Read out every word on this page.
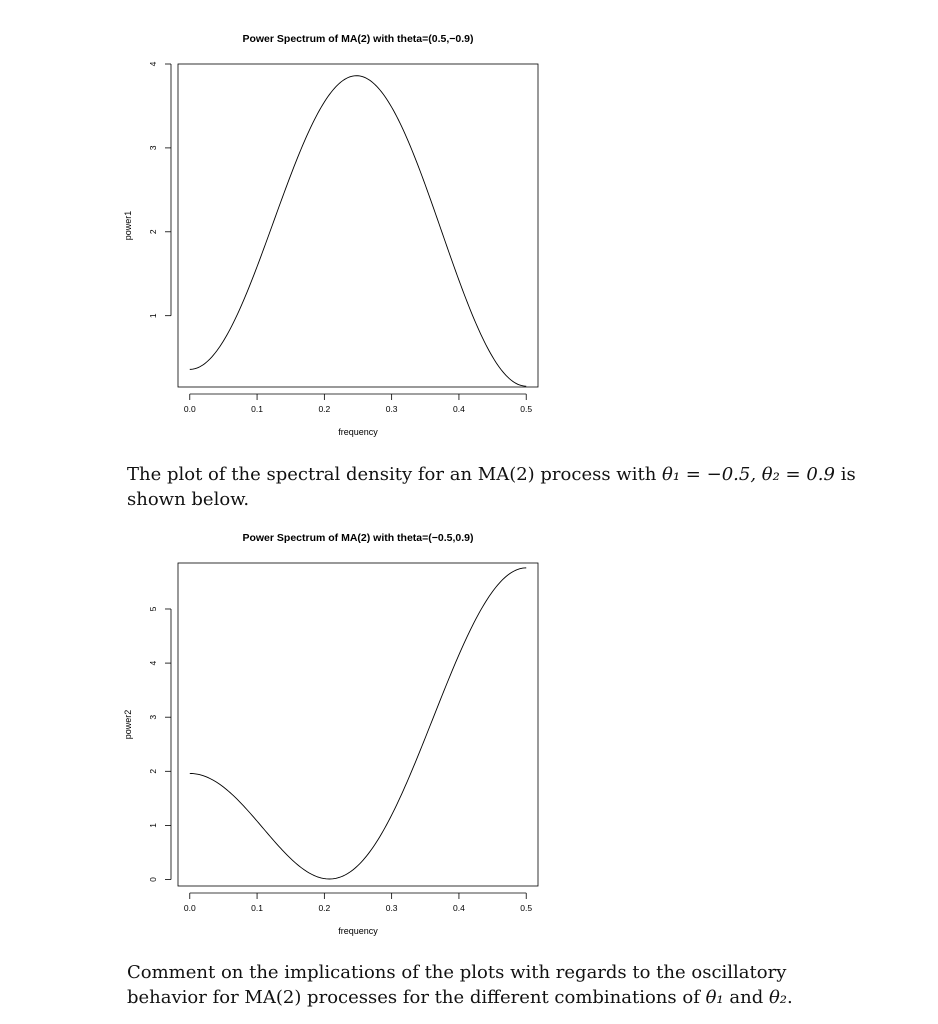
Power Spectrum of MA(2) with theta=(0.5,−0.9)
0.0	0.1	0.2	0.3	0.4	0.5
1
2
3
4
frequency
power1

The plot of the spectral density for an MA(2) process with θ₁ = −0.5, θ₂ = 0.9 is shown below.

Power Spectrum of MA(2) with theta=(−0.5,0.9)
0.0	0.1	0.2	0.3	0.4	0.5
0
1
2
3
4
5
frequency
power2

Comment on the implications of the plots with regards to the oscillatory behavior for MA(2) processes for the different combinations of θ₁ and θ₂.
